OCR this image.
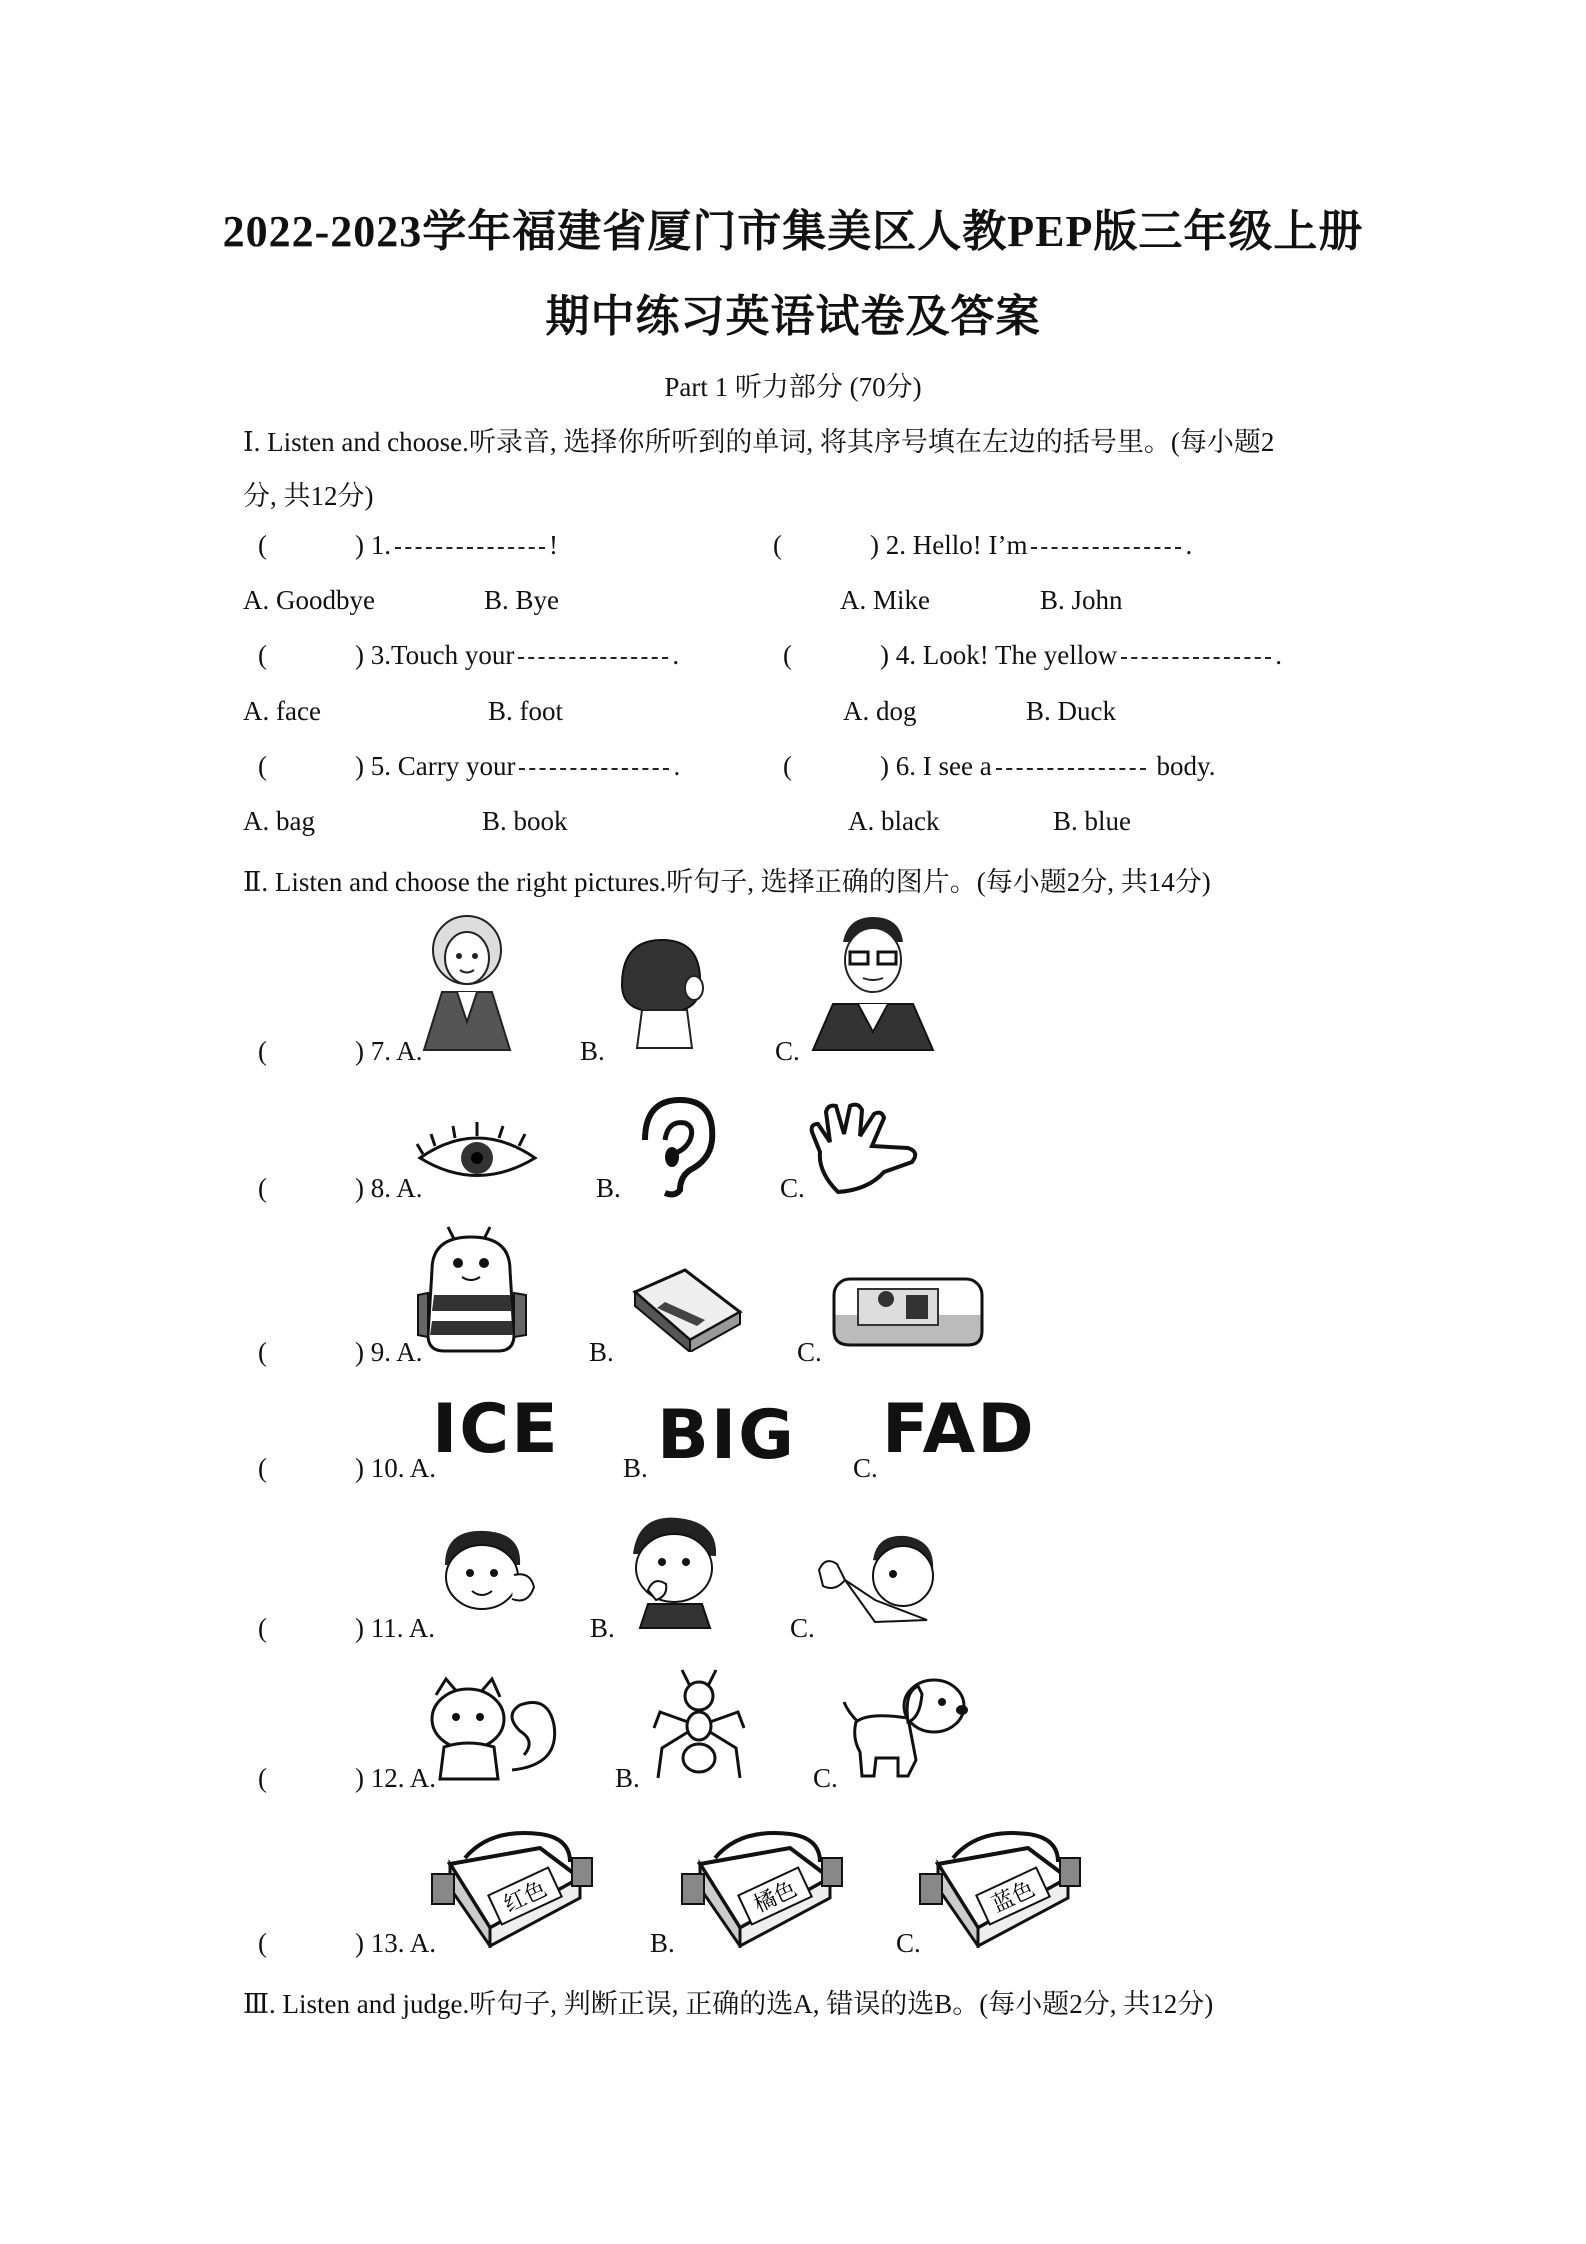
2022-2023学年福建省厦门市集美区人教PEP版三年级上册
期中练习英语试卷及答案
Part 1 听力部分 (70分)
Ⅰ. Listen and choose.听录音, 选择你所听到的单词, 将其序号填在左边的括号里。(每小题2
分, 共12分)
(	) 1.	!	(	) 2. Hello! I’m	.
A. Goodbye	B. Bye	A. Mike	B. John
(	) 3.Touch your	.	(	) 4. Look! The yellow	.
A. face	B. foot	A. dog	B. Duck
(	) 5. Carry your	.	(	) 6. I see a	body.
A. bag	B. book	A. black	B. blue
Ⅱ. Listen and choose the right pictures.听句子, 选择正确的图片。(每小题2分, 共14分)
(	) 7. A.	B.	C.
(	) 8. A.	B.	C.
(	) 9. A.	B.	C.
(	) 10. A.
ICE B. BIG C. FAD
(	) 11. A.	B.	C.
(	) 12. A.	B.	C.
(	) 13. A.
红色
B.
橘色
C.
蓝色
Ⅲ. Listen and judge.听句子, 判断正误, 正确的选A, 错误的选B。(每小题2分, 共12分)
